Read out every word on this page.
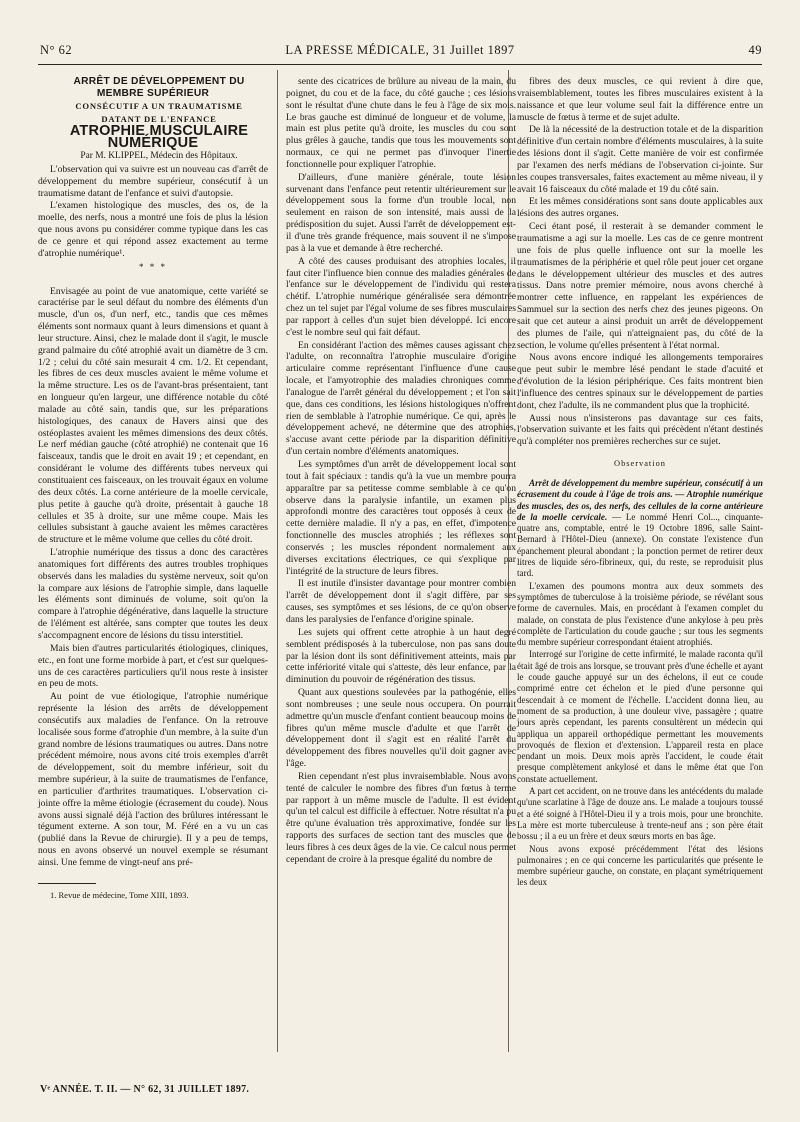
N° 62	LA PRESSE MÉDICALE, 31 Juillet 1897	49

ARRÊT DE DÉVELOPPEMENT DU MEMBRE SUPÉRIEUR

CONSÉCUTIF A UN TRAUMATISME

DATANT DE L'ENFANCE

ATROPHIE MUSCULAIRE NUMÉRIQUE

Par M. KLIPPEL, Médecin des Hôpitaux.

L'observation qui va suivre est un nouveau cas d'arrêt de développement du membre supérieur, consécutif à un traumatisme datant de l'enfance et suivi d'autopsie.

L'examen histologique des muscles, des os, de la moelle, des nerfs, nous a montré une fois de plus la lésion que nous avons pu considérer comme typique dans les cas de ce genre et qui répond assez exactement au terme d'atrophie numérique¹.

* * *

Envisagée au point de vue anatomique, cette variété se caractérise par le seul défaut du nombre des éléments d'un muscle, d'un os, d'un nerf, etc., tandis que ces mêmes éléments sont normaux quant à leurs dimensions et quant à leur structure. Ainsi, chez le malade dont il s'agit, le muscle grand palmaire du côté atrophié avait un diamètre de 3 cm. 1/2 ; celui du côté sain mesurait 4 cm. 1/2. Et cependant, les fibres de ces deux muscles avaient le même volume et la même structure. Les os de l'avant-bras présentaient, tant en longueur qu'en largeur, une différence notable du côté malade au côté sain, tandis que, sur les préparations histologiques, des canaux de Havers ainsi que des ostéoplastes avaient les mêmes dimensions des deux côtés. Le nerf médian gauche (côté atrophié) ne contenait que 16 faisceaux, tandis que le droit en avait 19 ; et cependant, en considérant le volume des différents tubes nerveux qui constituaient ces faisceaux, on les trouvait égaux en volume des deux côtés. La corne antérieure de la moelle cervicale, plus petite à gauche qu'à droite, présentait à gauche 18 cellules et 35 à droite, sur une même coupe. Mais les cellules subsistant à gauche avaient les mêmes caractères de structure et le même volume que celles du côté droit.

L'atrophie numérique des tissus a donc des caractères anatomiques fort différents des autres troubles trophiques observés dans les maladies du système nerveux, soit qu'on la compare aux lésions de l'atrophie simple, dans laquelle les éléments sont diminués de volume, soit qu'on la compare à l'atrophie dégénérative, dans laquelle la structure de l'élément est altérée, sans compter que toutes les deux s'accompagnent encore de lésions du tissu interstitiel.

Mais bien d'autres particularités étiologiques, cliniques, etc., en font une forme morbide à part, et c'est sur quelques-uns de ces caractères particuliers qu'il nous reste à insister en peu de mots.

Au point de vue étiologique, l'atrophie numérique représente la lésion des arrêts de développement consécutifs aux maladies de l'enfance. On la retrouve localisée sous forme d'atrophie d'un membre, à la suite d'un grand nombre de lésions traumatiques ou autres. Dans notre précédent mémoire, nous avons cité trois exemples d'arrêt de développement, soit du membre inférieur, soit du membre supérieur, à la suite de traumatismes de l'enfance, en particulier d'arthrites traumatiques. L'observation ci-jointe offre la même étiologie (écrasement du coude). Nous avons aussi signalé déjà l'action des brûlures intéressant le tégument externe. A son tour, M. Féré en a vu un cas (publié dans la Revue de chirurgie). Il y a peu de temps, nous en avons observé un nouvel exemple se résumant ainsi. Une femme de vingt-neuf ans pré-

1. Revue de médecine, Tome XIII, 1893.

sente des cicatrices de brûlure au niveau de la main, du poignet, du cou et de la face, du côté gauche ; ces lésions sont le résultat d'une chute dans le feu à l'âge de six mois. Le bras gauche est diminué de longueur et de volume, la main est plus petite qu'à droite, les muscles du cou sont plus grêles à gauche, tandis que tous les mouvements sont normaux, ce qui ne permet pas d'invoquer l'inertie fonctionnelle pour expliquer l'atrophie.

D'ailleurs, d'une manière générale, toute lésion survenant dans l'enfance peut retentir ultérieurement sur le développement sous la forme d'un trouble local, non seulement en raison de son intensité, mais aussi de la prédisposition du sujet. Aussi l'arrêt de développement est-il d'une très grande fréquence, mais souvent il ne s'impose pas à la vue et demande à être recherché.

A côté des causes produisant des atrophies locales, il faut citer l'influence bien connue des maladies générales de l'enfance sur le développement de l'individu qui restera chétif. L'atrophie numérique généralisée sera démontrée chez un tel sujet par l'égal volume de ses fibres musculaires par rapport à celles d'un sujet bien développé. Ici encore c'est le nombre seul qui fait défaut.

En considérant l'action des mêmes causes agissant chez l'adulte, on reconnaîtra l'atrophie musculaire d'origine articulaire comme représentant l'influence d'une cause locale, et l'amyotrophie des maladies chroniques comme l'analogue de l'arrêt général du développement ; et l'on sait que, dans ces conditions, les lésions histologiques n'offrent rien de semblable à l'atrophie numérique. Ce qui, après le développement achevé, ne détermine que des atrophies, s'accuse avant cette période par la disparition définitive d'un certain nombre d'éléments anatomiques.

Les symptômes d'un arrêt de développement local sont tout à fait spéciaux : tandis qu'à la vue un membre pourra apparaître par sa petitesse comme semblable à ce qu'on observe dans la paralysie infantile, un examen plus approfondi montre des caractères tout opposés à ceux de cette dernière maladie. Il n'y a pas, en effet, d'impotence fonctionnelle des muscles atrophiés ; les réflexes sont conservés ; les muscles répondent normalement aux diverses excitations électriques, ce qui s'explique par l'intégrité de la structure de leurs fibres.

Il est inutile d'insister davantage pour montrer combien l'arrêt de développement dont il s'agit diffère, par ses causes, ses symptômes et ses lésions, de ce qu'on observe dans les paralysies de l'enfance d'origine spinale.

Les sujets qui offrent cette atrophie à un haut degré semblent prédisposés à la tuberculose, non pas sans doute par la lésion dont ils sont définitivement atteints, mais par cette infériorité vitale qui s'atteste, dès leur enfance, par la diminution du pouvoir de régénération des tissus.

Quant aux questions soulevées par la pathogénie, elles sont nombreuses ; une seule nous occupera. On pourrait admettre qu'un muscle d'enfant contient beaucoup moins de fibres qu'un même muscle d'adulte et que l'arrêt de développement dont il s'agit est en réalité l'arrêt du développement des fibres nouvelles qu'il doit gagner avec l'âge.

Rien cependant n'est plus invraisemblable. Nous avons tenté de calculer le nombre des fibres d'un fœtus à terme par rapport à un même muscle de l'adulte. Il est évident qu'un tel calcul est difficile à effectuer. Notre résultat n'a pu être qu'une évaluation très approximative, fondée sur les rapports des surfaces de section tant des muscles que de leurs fibres à ces deux âges de la vie. Ce calcul nous permet cependant de croire à la presque égalité du nombre de

fibres des deux muscles, ce qui revient à dire que, vraisemblablement, toutes les fibres musculaires existent à la naissance et que leur volume seul fait la différence entre un muscle de fœtus à terme et de sujet adulte.

De là la nécessité de la destruction totale et de la disparition définitive d'un certain nombre d'éléments musculaires, à la suite des lésions dont il s'agit. Cette manière de voir est confirmée par l'examen des nerfs médians de l'observation ci-jointe. Sur les coupes transversales, faites exactement au même niveau, il y avait 16 faisceaux du côté malade et 19 du côté sain.

Et les mêmes considérations sont sans doute applicables aux lésions des autres organes.

Ceci étant posé, il resterait à se demander comment le traumatisme a agi sur la moelle. Les cas de ce genre montrent une fois de plus quelle influence ont sur la moelle les traumatismes de la périphérie et quel rôle peut jouer cet organe dans le développement ultérieur des muscles et des autres tissus. Dans notre premier mémoire, nous avons cherché à montrer cette influence, en rappelant les expériences de Sammuel sur la section des nerfs chez des jeunes pigeons. On sait que cet auteur a ainsi produit un arrêt de développement des plumes de l'aile, qui n'atteignaient pas, du côté de la section, le volume qu'elles présentent à l'état normal.

Nous avons encore indiqué les allongements temporaires que peut subir le membre lésé pendant le stade d'acuité et d'évolution de la lésion périphérique. Ces faits montrent bien l'influence des centres spinaux sur le développement de parties dont, chez l'adulte, ils ne commandent plus que la trophicité.

Aussi nous n'insisterons pas davantage sur ces faits, l'observation suivante et les faits qui précèdent n'étant destinés qu'à compléter nos premières recherches sur ce sujet.

Observation

Arrêt de développement du membre supérieur, consécutif à un écrasement du coude à l'âge de trois ans. — Atrophie numérique des muscles, des os, des nerfs, des cellules de la corne antérieure de la moelle cervicale. — Le nommé Henri Col..., cinquante-quatre ans, comptable, entré le 19 Octobre 1896, salle Saint-Bernard à l'Hôtel-Dieu (annexe). On constate l'existence d'un épanchement pleural abondant ; la ponction permet de retirer deux litres de liquide séro-fibrineux, qui, du reste, se reproduisit plus tard.

L'examen des poumons montra aux deux sommets des symptômes de tuberculose à la troisième période, se révélant sous forme de cavernules. Mais, en procédant à l'examen complet du malade, on constata de plus l'existence d'une ankylose à peu près complète de l'articulation du coude gauche ; sur tous les segments du membre supérieur correspondant étaient atrophiés.

Interrogé sur l'origine de cette infirmité, le malade raconta qu'il était âgé de trois ans lorsque, se trouvant près d'une échelle et ayant le coude gauche appuyé sur un des échelons, il eut ce coude comprimé entre cet échelon et le pied d'une personne qui descendait à ce moment de l'échelle. L'accident donna lieu, au moment de sa production, à une douleur vive, passagère ; quatre jours après cependant, les parents consultèrent un médecin qui appliqua un appareil orthopédique permettant les mouvements provoqués de flexion et d'extension. L'appareil resta en place pendant un mois. Deux mois après l'accident, le coude était presque complètement ankylosé et dans le même état que l'on constate actuellement.

A part cet accident, on ne trouve dans les antécédents du malade qu'une scarlatine à l'âge de douze ans. Le malade a toujours toussé et a été soigné à l'Hôtel-Dieu il y a trois mois, pour une bronchite. La mère est morte tuberculeuse à trente-neuf ans ; son père était bossu ; il a eu un frère et deux sœurs morts en bas âge.

Nous avons exposé précédemment l'état des lésions pulmonaires ; en ce qui concerne les particularités que présente le membre supérieur gauche, on constate, en plaçant symétriquement les deux

Vᵉ ANNÉE. T. II. — N° 62, 31 JUILLET 1897.
